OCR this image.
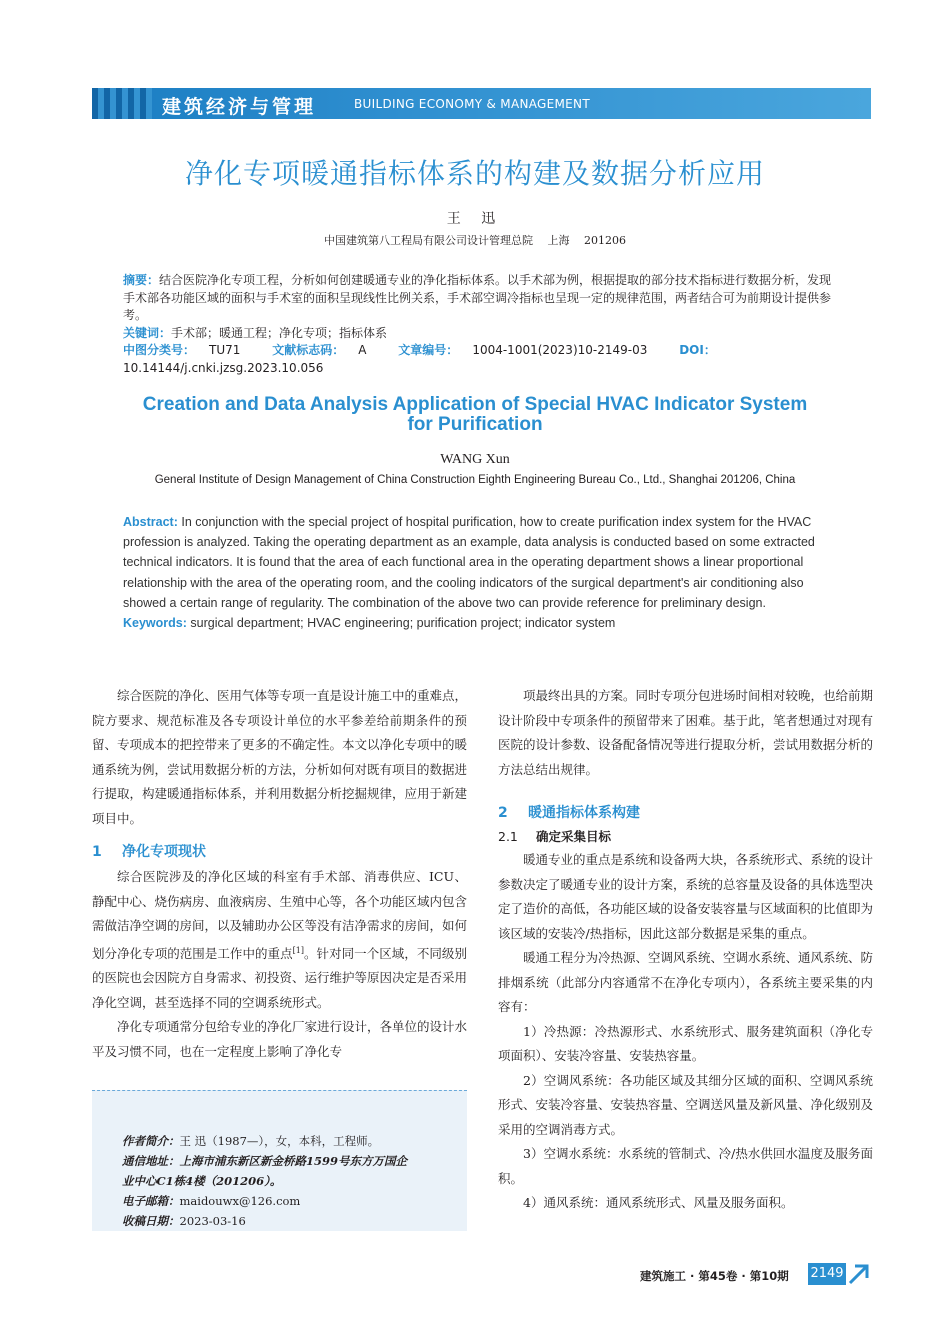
建筑经济与管理	BUILDING ECONOMY & MANAGEMENT
净化专项暖通指标体系的构建及数据分析应用
王 迅
中国建筑第八工程局有限公司设计管理总院　 上海　 201206
摘要：结合医院净化专项工程，分析如何创建暖通专业的净化指标体系。以手术部为例，根据提取的部分技术指标进行数据分析，发现手术部各功能区域的面积与手术室的面积呈现线性比例关系，手术部空调冷指标也呈现一定的规律范围，两者结合可为前期设计提供参考。
关键词：手术部；暖通工程；净化专项；指标体系
中图分类号： TU71	文献标志码： A	文章编号： 1004-1001(2023)10-2149-03	DOI：10.14144/j.cnki.jzsg.2023.10.056
Creation and Data Analysis Application of Special HVAC Indicator System
for Purification
WANG Xun
General Institute of Design Management of China Construction Eighth Engineering Bureau Co., Ltd., Shanghai 201206, China
Abstract: In conjunction with the special project of hospital purification, how to create purification index system for the HVAC profession is analyzed. Taking the operating department as an example, data analysis is conducted based on some extracted technical indicators. It is found that the area of each functional area in the operating department shows a linear proportional relationship with the area of the operating room, and the cooling indicators of the surgical department's air conditioning also showed a certain range of regularity. The combination of the above two can provide reference for preliminary design.
Keywords: surgical department; HVAC engineering; purification project; indicator system

综合医院的净化、医用气体等专项一直是设计施工中的重难点，院方要求、规范标准及各专项设计单位的水平参差给前期条件的预留、专项成本的把控带来了更多的不确定性。本文以净化专项中的暖通系统为例，尝试用数据分析的方法，分析如何对既有项目的数据进行提取，构建暖通指标体系，并利用数据分析挖掘规律，应用于新建项目中。

1 净化专项现状

综合医院涉及的净化区域的科室有手术部、消毒供应、ICU、静配中心、烧伤病房、血液病房、生殖中心等，各个功能区域内包含需做洁净空调的房间，以及辅助办公区等没有洁净需求的房间，如何划分净化专项的范围是工作中的重点[1]。针对同一个区域，不同级别的医院也会因院方自身需求、初投资、运行维护等原因决定是否采用净化空调，甚至选择不同的空调系统形式。

净化专项通常分包给专业的净化厂家进行设计，各单位的设计水平及习惯不同，也在一定程度上影响了净化专

项最终出具的方案。同时专项分包进场时间相对较晚，也给前期设计阶段中专项条件的预留带来了困难。基于此，笔者想通过对现有医院的设计参数、设备配备情况等进行提取分析，尝试用数据分析的方法总结出规律。

2 暖通指标体系构建
2.1 确定采集目标

暖通专业的重点是系统和设备两大块，各系统形式、系统的设计参数决定了暖通专业的设计方案，系统的总容量及设备的具体选型决定了造价的高低，各功能区域的设备安装容量与区域面积的比值即为该区域的安装冷/热指标，因此这部分数据是采集的重点。

暖通工程分为冷热源、空调风系统、空调水系统、通风系统、防排烟系统（此部分内容通常不在净化专项内），各系统主要采集的内容有：

1）冷热源：冷热源形式、水系统形式、服务建筑面积（净化专项面积）、安装冷容量、安装热容量。

2）空调风系统：各功能区域及其细分区域的面积、空调风系统形式、安装冷容量、安装热容量、空调送风量及新风量、净化级别及采用的空调消毒方式。

3）空调水系统：水系统的管制式、冷/热水供回水温度及服务面积。

4）通风系统：通风系统形式、风量及服务面积。

作者简介：王 迅（1987—），女，本科，工程师。
通信地址：上海市浦东新区新金桥路1599号东方万国企
业中心C1栋4楼（201206）。
电子邮箱：maidouwx@126.com
收稿日期：2023-03-16
建筑施工 · 第45卷 · 第10期 2149
